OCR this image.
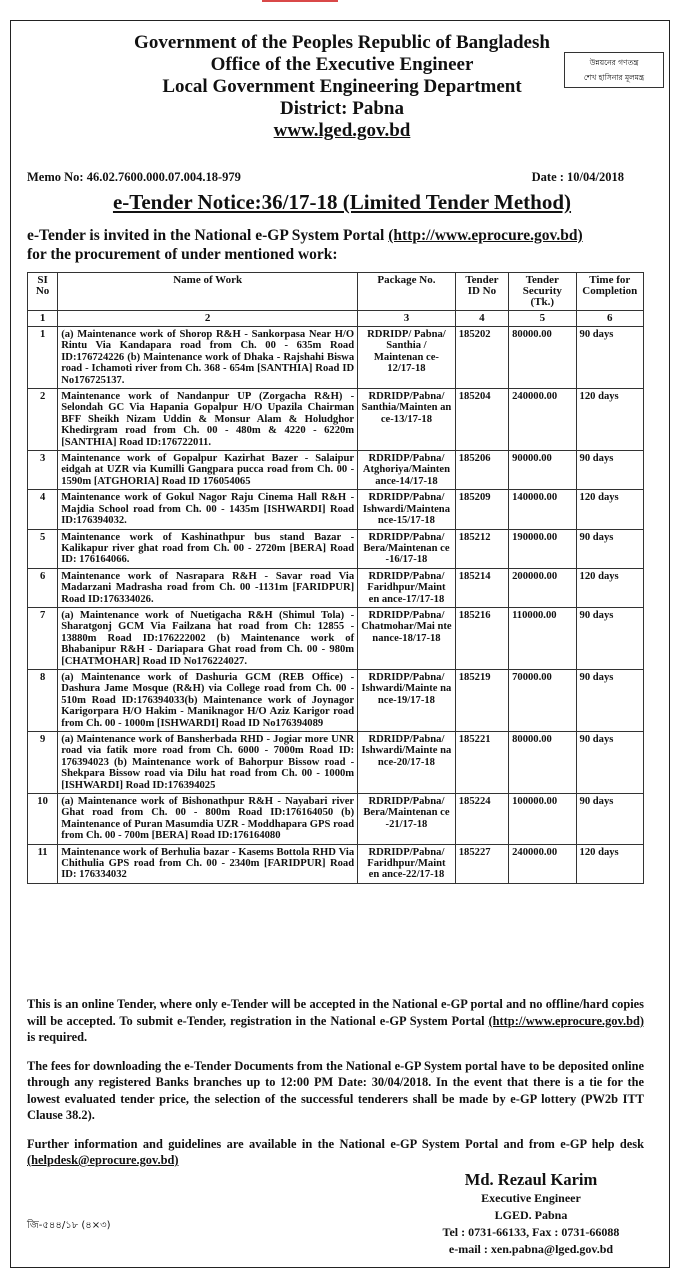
Government of the Peoples Republic of Bangladesh
Office of the Executive Engineer
Local Government Engineering Department
District: Pabna
www.lged.gov.bd
উন্নয়নের গণতন্ত্র
শেখ হাসিনার মূলমন্ত্র
Memo No: 46.02.7600.000.07.004.18-979	Date : 10/04/2018
e-Tender Notice:36/17-18 (Limited Tender Method)
e-Tender is invited in the National e-GP System Portal (http://www.eprocure.gov.bd)
for the procurement of under mentioned work:
SI No	Name of Work	Package No.	Tender ID No	Tender Security (Tk.)	Time for Completion
1	2	3	4	5	6
1	(a) Maintenance work of Shorop R&H - Sankorpasa Near H/O Rintu Via Kandapara road from Ch. 00 - 635m Road ID:176724226 (b) Maintenance work of Dhaka - Rajshahi Biswa road - Ichamoti river from Ch. 368 - 654m [SANTHIA] Road ID No176725137.	RDRIDP/ Pabna/ Santhia / Maintenan ce-12/17-18	185202	80000.00	90 days
2	Maintenance work of Nandanpur UP (Zorgacha R&H) - Selondah GC Via Hapania Gopalpur H/O Upazila Chairman BFF Sheikh Nizam Uddin & Monsur Alam & Holudghor Khedirgram road from Ch. 00 - 480m & 4220 - 6220m [SANTHIA] Road ID:176722011.	RDRIDP/Pabna/ Santhia/Mainten an ce-13/17-18	185204	240000.00	120 days
3	Maintenance work of Gopalpur Kazirhat Bazer - Salaipur eidgah at UZR via Kumilli Gangpara pucca road from Ch. 00 - 1590m [ATGHORIA] Road ID 176054065	RDRIDP/Pabna/ Atghoriya/Mainten ance-14/17-18	185206	90000.00	90 days
4	Maintenance work of Gokul Nagor Raju Cinema Hall R&H - Majdia School road from Ch. 00 - 1435m [ISHWARDI] Road ID:176394032.	RDRIDP/Pabna/ Ishwardi/Maintena nce-15/17-18	185209	140000.00	120 days
5	Maintenance work of Kashinathpur bus stand Bazar - Kalikapur river ghat road from Ch. 00 - 2720m [BERA] Road ID: 176164066.	RDRIDP/Pabna/ Bera/Maintenan ce -16/17-18	185212	190000.00	90 days
6	Maintenance work of Nasrapara R&H - Savar road Via Madarzani Madrasha road from Ch. 00 -1131m [FARIDPUR] Road ID:176334026.	RDRIDP/Pabna/ Faridhpur/Maint en ance-17/17-18	185214	200000.00	120 days
7	(a) Maintenance work of Nuetigacha R&H (Shimul Tola) - Sharatgonj GCM Via Failzana hat road from Ch: 12855 - 13880m Road ID:176222002 (b) Maintenance work of Bhabanipur R&H - Dariapara Ghat road from Ch. 00 - 980m [CHATMOHAR] Road ID No176224027.	RDRIDP/Pabna/ Chatmohar/Mai nte nance-18/17-18	185216	110000.00	90 days
8	(a) Maintenance work of Dashuria GCM (REB Office) - Dashura Jame Mosque (R&H) via College road from Ch. 00 - 510m Road ID:176394033(b) Maintenance work of Joynagor Karigorpara H/O Hakim - Maniknagor H/O Aziz Karigor road from Ch. 00 - 1000m [ISHWARDI] Road ID No176394089	RDRIDP/Pabna/ Ishwardi/Mainte na nce-19/17-18	185219	70000.00	90 days
9	(a) Maintenance work of Bansherbada RHD - Jogiar more UNR road via fatik more road from Ch. 6000 - 7000m Road ID: 176394023 (b) Maintenance work of Bahorpur Bissow road - Shekpara Bissow road via Dilu hat road from Ch. 00 - 1000m [ISHWARDI] Road ID:176394025	RDRIDP/Pabna/ Ishwardi/Mainte na nce-20/17-18	185221	80000.00	90 days
10	(a) Maintenance work of Bishonathpur R&H - Nayabari river Ghat road from Ch. 00 - 800m Road ID:176164050 (b) Maintenance of Puran Masumdia UZR - Moddhapara GPS road from Ch. 00 - 700m [BERA] Road ID:176164080	RDRIDP/Pabna/ Bera/Maintenan ce -21/17-18	185224	100000.00	90 days
11	Maintenance work of Berhulia bazar - Kasems Bottola RHD Via Chithulia GPS road from Ch. 00 - 2340m [FARIDPUR] Road ID: 176334032	RDRIDP/Pabna/ Faridhpur/Maint en ance-22/17-18	185227	240000.00	120 days

This is an online Tender, where only e-Tender will be accepted in the National e-GP portal and no offline/hard copies will be accepted. To submit e-Tender, registration in the National e-GP System Portal (http://www.eprocure.gov.bd) is required.

The fees for downloading the e-Tender Documents from the National e-GP System portal have to be deposited online through any registered Banks branches up to 12:00 PM Date: 30/04/2018. In the event that there is a tie for the lowest evaluated tender price, the selection of the successful tenderers shall be made by e-GP lottery (PW2b ITT Clause 38.2).

Further information and guidelines are available in the National e-GP System Portal and from e-GP help desk (helpdesk@eprocure.gov.bd)

Md. Rezaul Karim
Executive Engineer
LGED. Pabna
Tel : 0731-66133, Fax : 0731-66088
e-mail : xen.pabna@lged.gov.bd
জি-৫৪৪/১৮ (৪×৩)
